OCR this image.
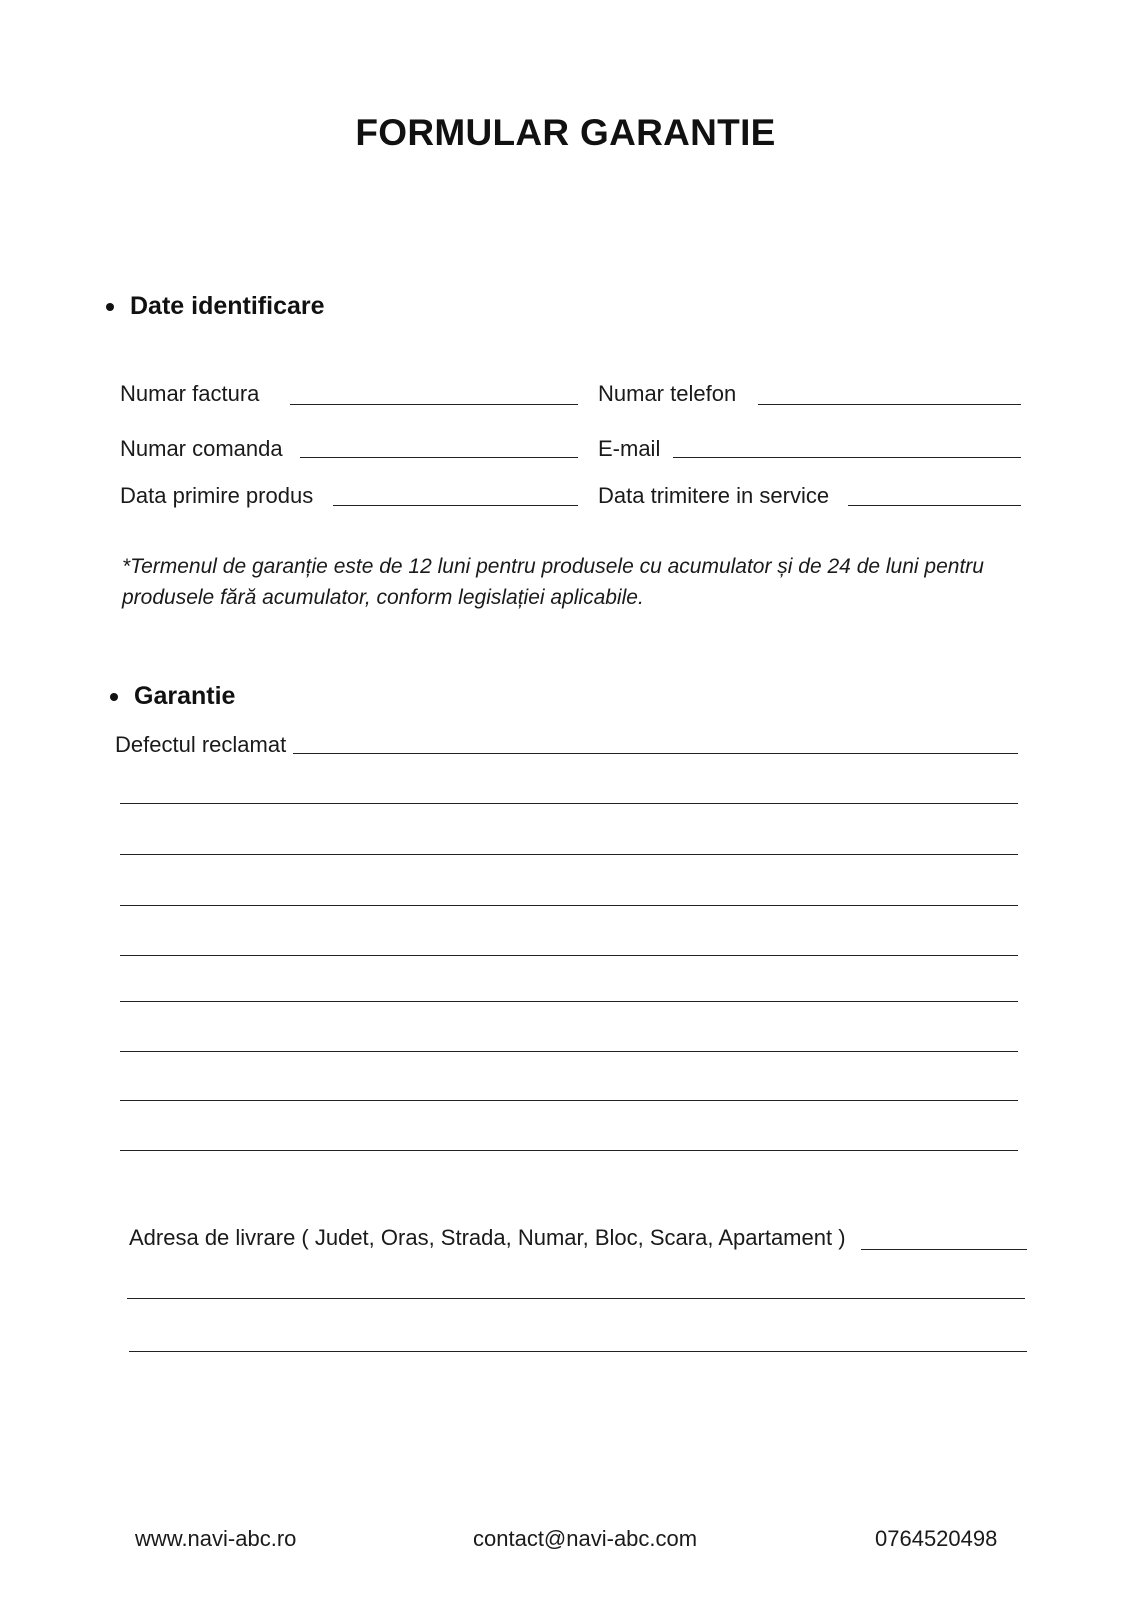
FORMULAR GARANTIE
Date identificare
Numar factura	Numar telefon
Numar comanda	E-mail
Data primire produs	Data trimitere in service
*Termenul de garanție este de 12 luni pentru produsele cu acumulator și de 24 de luni pentru produsele fără acumulator, conform legislației aplicabile.
Garantie
Defectul reclamat
Adresa de livrare ( Judet, Oras, Strada, Numar, Bloc, Scara, Apartament )
www.navi-abc.ro	contact@navi-abc.com	0764520498
